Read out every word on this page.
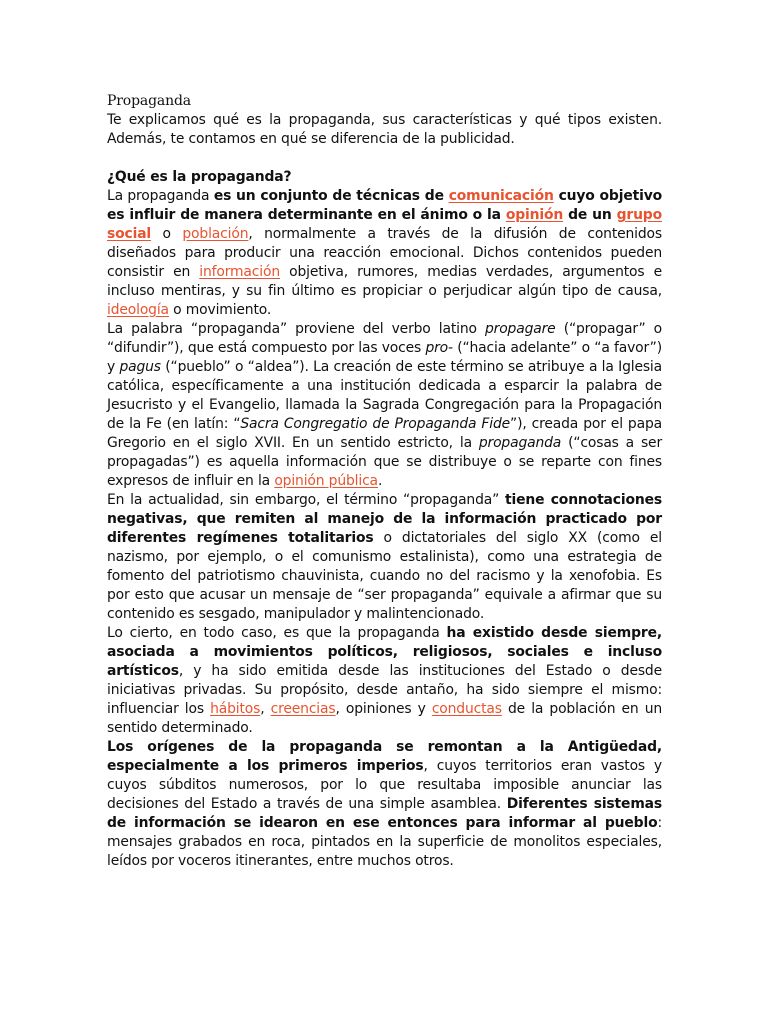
Propaganda

Te explicamos qué es la propaganda, sus características y qué tipos existen. Además, te contamos en qué se diferencia de la publicidad.

¿Qué es la propaganda?

La propaganda es un conjunto de técnicas de comunicación cuyo objetivo es influir de manera determinante en el ánimo o la opinión de un grupo social o población, normalmente a través de la difusión de contenidos diseñados para producir una reacción emocional. Dichos contenidos pueden consistir en información objetiva, rumores, medias verdades, argumentos e incluso mentiras, y su fin último es propiciar o perjudicar algún tipo de causa, ideología o movimiento.

La palabra “propaganda” proviene del verbo latino propagare (“propagar” o “difundir”), que está compuesto por las voces pro- (“hacia adelante” o “a favor”) y pagus (“pueblo” o “aldea”). La creación de este término se atribuye a la Iglesia católica, específicamente a una institución dedicada a esparcir la palabra de Jesucristo y el Evangelio, llamada la Sagrada Congregación para la Propagación de la Fe (en latín: “Sacra Congregatio de Propaganda Fide”), creada por el papa Gregorio en el siglo XVII. En un sentido estricto, la propaganda (“cosas a ser propagadas”) es aquella información que se distribuye o se reparte con fines expresos de influir en la opinión pública.

En la actualidad, sin embargo, el término “propaganda” tiene connotaciones negativas, que remiten al manejo de la información practicado por diferentes regímenes totalitarios o dictatoriales del siglo XX (como el nazismo, por ejemplo, o el comunismo estalinista), como una estrategia de fomento del patriotismo chauvinista, cuando no del racismo y la xenofobia. Es por esto que acusar un mensaje de “ser propaganda” equivale a afirmar que su contenido es sesgado, manipulador y malintencionado.

Lo cierto, en todo caso, es que la propaganda ha existido desde siempre, asociada a movimientos políticos, religiosos, sociales e incluso artísticos, y ha sido emitida desde las instituciones del Estado o desde iniciativas privadas. Su propósito, desde antaño, ha sido siempre el mismo: influenciar los hábitos, creencias, opiniones y conductas de la población en un sentido determinado.

Los orígenes de la propaganda se remontan a la Antigüedad, especialmente a los primeros imperios, cuyos territorios eran vastos y cuyos súbditos numerosos, por lo que resultaba imposible anunciar las decisiones del Estado a través de una simple asamblea. Diferentes sistemas de información se idearon en ese entonces para informar al pueblo: mensajes grabados en roca, pintados en la superficie de monolitos especiales, leídos por voceros itinerantes, entre muchos otros.
